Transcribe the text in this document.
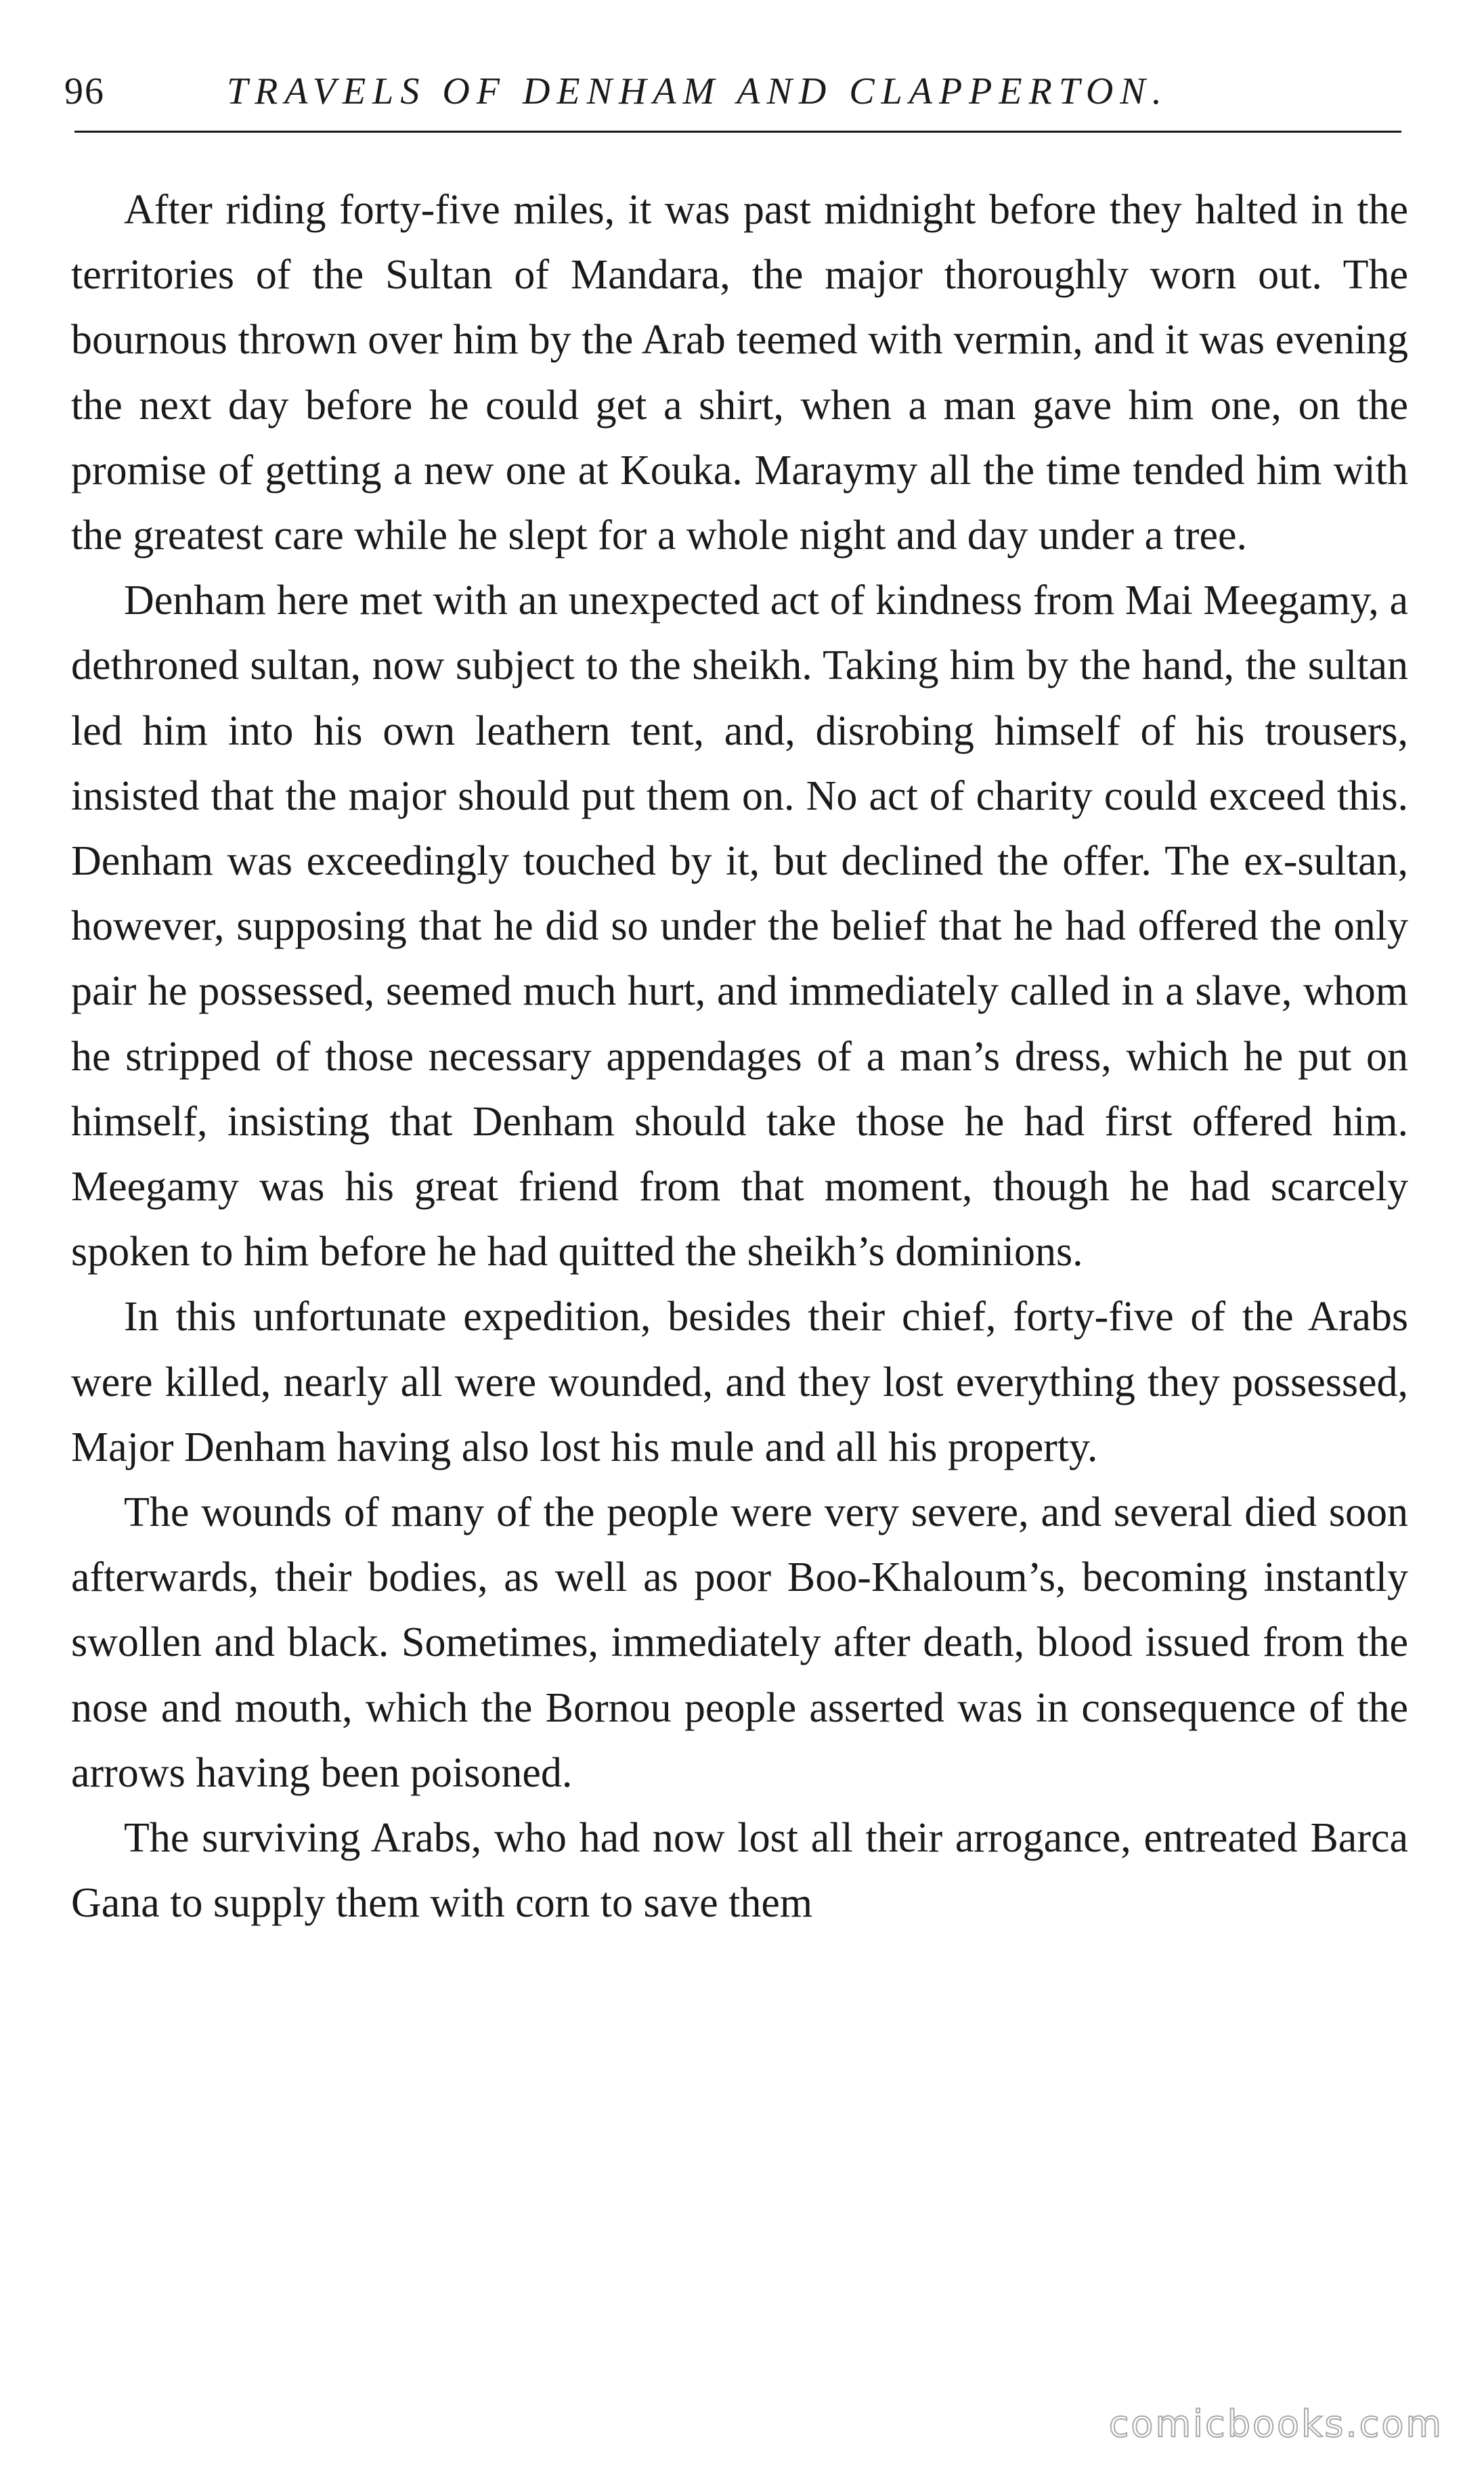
96	TRAVELS OF DENHAM AND CLAPPERTON.

After riding forty-five miles, it was past midnight before they halted in the territories of the Sultan of Mandara, the major thoroughly worn out. The bournous thrown over him by the Arab teemed with vermin, and it was evening the next day before he could get a shirt, when a man gave him one, on the promise of getting a new one at Kouka. Maraymy all the time tended him with the greatest care while he slept for a whole night and day under a tree.

Denham here met with an unexpected act of kindness from Mai Meegamy, a dethroned sultan, now subject to the sheikh. Taking him by the hand, the sultan led him into his own leathern tent, and, disrobing himself of his trousers, insisted that the major should put them on. No act of charity could exceed this. Denham was exceedingly touched by it, but declined the offer. The ex-sultan, however, supposing that he did so under the belief that he had offered the only pair he possessed, seemed much hurt, and immediately called in a slave, whom he stripped of those necessary appendages of a man’s dress, which he put on himself, insisting that Denham should take those he had first offered him. Meegamy was his great friend from that moment, though he had scarcely spoken to him before he had quitted the sheikh’s dominions.

In this unfortunate expedition, besides their chief, forty-five of the Arabs were killed, nearly all were wounded, and they lost everything they possessed, Major Denham having also lost his mule and all his property.

The wounds of many of the people were very severe, and several died soon afterwards, their bodies, as well as poor Boo-Khaloum’s, becoming instantly swollen and black. Sometimes, immediately after death, blood issued from the nose and mouth, which the Bornou people asserted was in consequence of the arrows having been poisoned.

The surviving Arabs, who had now lost all their arrogance, entreated Barca Gana to supply them with corn to save them

comicbooks.com
